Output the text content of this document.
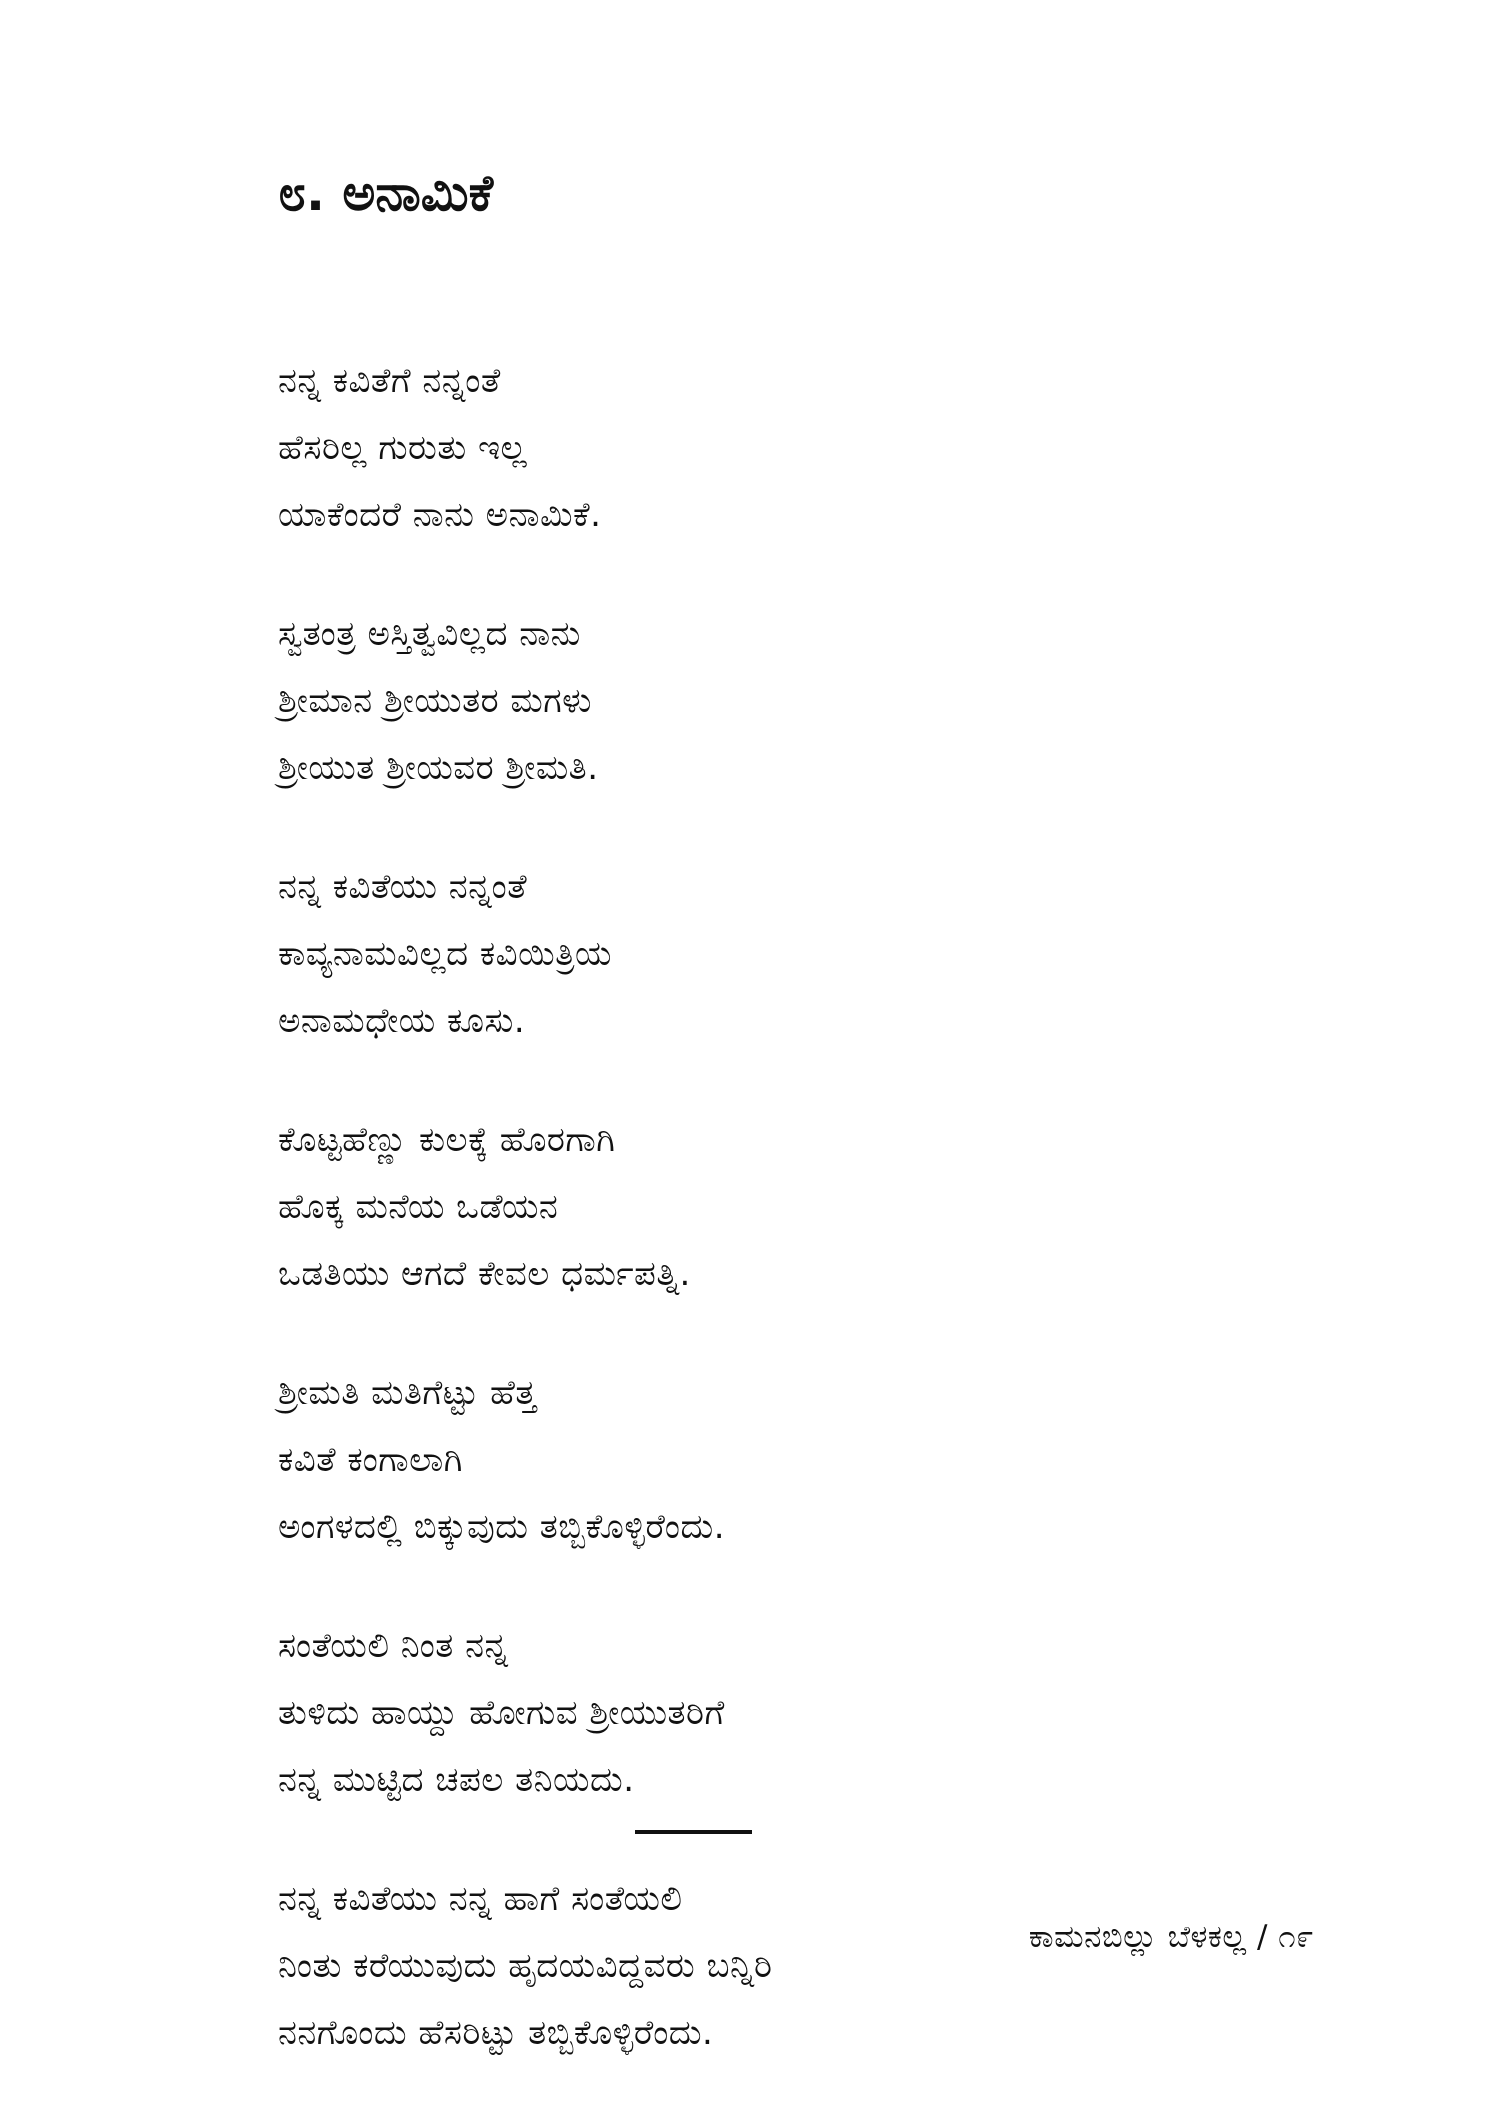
೮. ಅನಾಮಿಕೆ
ನನ್ನ ಕವಿತೆಗೆ ನನ್ನಂತೆ
ಹೆಸರಿಲ್ಲ ಗುರುತು ಇಲ್ಲ
ಯಾಕೆಂದರೆ ನಾನು ಅನಾಮಿಕೆ.
ಸ್ವತಂತ್ರ ಅಸ್ತಿತ್ವವಿಲ್ಲದ ನಾನು
ಶ್ರೀಮಾನ ಶ್ರೀಯುತರ ಮಗಳು
ಶ್ರೀಯುತ ಶ್ರೀಯವರ ಶ್ರೀಮತಿ.
ನನ್ನ ಕವಿತೆಯು ನನ್ನಂತೆ
ಕಾವ್ಯನಾಮವಿಲ್ಲದ ಕವಿಯಿತ್ರಿಯ
ಅನಾಮಧೇಯ ಕೂಸು.
ಕೊಟ್ಟಹೆಣ್ಣು ಕುಲಕ್ಕೆ ಹೊರಗಾಗಿ
ಹೊಕ್ಕ ಮನೆಯ ಒಡೆಯನ
ಒಡತಿಯು ಆಗದೆ ಕೇವಲ ಧರ್ಮಪತ್ನಿ.
ಶ್ರೀಮತಿ ಮತಿಗೆಟ್ಟು ಹೆತ್ತ
ಕವಿತೆ ಕಂಗಾಲಾಗಿ
ಅಂಗಳದಲ್ಲಿ ಬಿಕ್ಕುವುದು ತಬ್ಬಿಕೊಳ್ಳಿರೆಂದು.
ಸಂತೆಯಲಿ ನಿಂತ ನನ್ನ
ತುಳಿದು ಹಾಯ್ದು ಹೋಗುವ ಶ್ರೀಯುತರಿಗೆ
ನನ್ನ ಮುಟ್ಟಿದ ಚಪಲ ತನಿಯದು.
ನನ್ನ ಕವಿತೆಯು ನನ್ನ ಹಾಗೆ ಸಂತೆಯಲಿ
ನಿಂತು ಕರೆಯುವುದು ಹೃದಯವಿದ್ದವರು ಬನ್ನಿರಿ
ನನಗೊಂದು ಹೆಸರಿಟ್ಟು ತಬ್ಬಿಕೊಳ್ಳಿರೆಂದು.
ಕಾಮನಬಿಲ್ಲು ಬೆಳಕಲ್ಲ / ೧೯
